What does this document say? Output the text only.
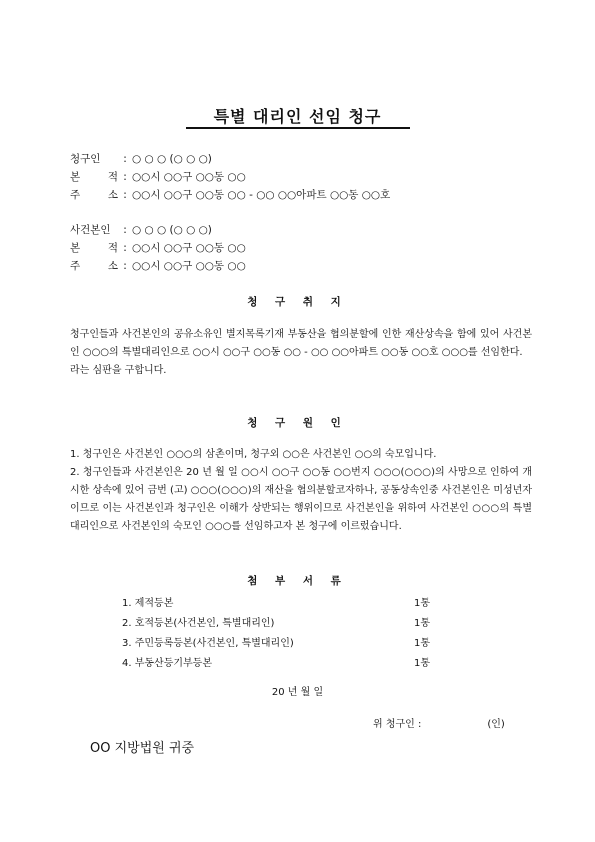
특별 대리인 선임 청구
청구인	: ○ ○ ○ (○ ○ ○)
본 적 : ○○시 ○○구 ○○동 ○○
주 소 : ○○시 ○○구 ○○동 ○○ - ○○ ○○아파트 ○○동 ○○호
사건본인	: ○ ○ ○ (○ ○ ○)
본 적 : ○○시 ○○구 ○○동 ○○
주 소 : ○○시 ○○구 ○○동 ○○
청 구 취 지

청구인들과 사건본인의 공유소유인 별지목록기재 부동산을 협의분할에 인한 재산상속을 함에 있어 사건본인 ○○○의 특별대리인으로 ○○시 ○○구 ○○동 ○○ - ○○ ○○아파트 ○○동 ○○호 ○○○를 선임한다.

라는 심판을 구합니다.

청 구 원 인

1. 청구인은 사건본인 ○○○의 삼촌이며, 청구외 ○○은 사건본인 ○○의 숙모입니다.

2. 청구인들과 사건본인은 20 년 월 일 ○○시 ○○구 ○○동 ○○번지 ○○○(○○○)의 사망으로 인하여 개시한 상속에 있어 금번 (고) ○○○(○○○)의 재산을 협의분할코자하나, 공동상속인중 사건본인은 미성년자이므로 이는 사건본인과 청구인은 이해가 상반되는 행위이므로 사건본인을 위하여 사건본인 ○○○의 특별대리인으로 사건본인의 숙모인 ○○○를 선임하고자 본 청구에 이르렀습니다.

첨 부 서 류
1. 제적등본	1통
2. 호적등본(사건본인, 특별대리인)	1통
3. 주민등록등본(사건본인, 특별대리인)	1통
4. 부동산등기부등본	1통
20 년 월 일
위 청구인 :	(인)
OO 지방법원 귀중
